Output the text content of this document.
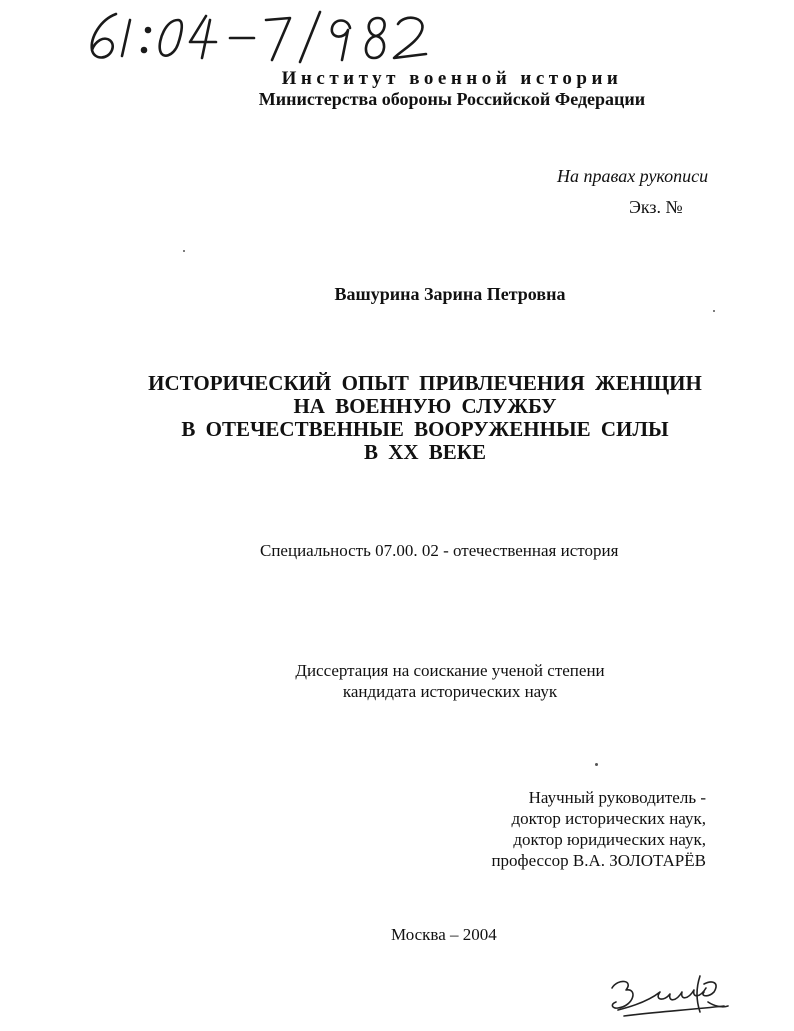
Институт военной истории
Министерства обороны Российской Федерации
На правах рукописи
Экз. №
Вашурина Зарина Петровна
ИСТОРИЧЕСКИЙ ОПЫТ ПРИВЛЕЧЕНИЯ ЖЕНЩИН
НА ВОЕННУЮ СЛУЖБУ
В ОТЕЧЕСТВЕННЫЕ ВООРУЖЕННЫЕ СИЛЫ
В XX ВЕКЕ
Специальность 07.00. 02 - отечественная история
Диссертация на соискание ученой степени
кандидата исторических наук
Научный руководитель -
доктор исторических наук,
доктор юридических наук,
профессор В.А. ЗОЛОТАРЁВ
Москва – 2004
